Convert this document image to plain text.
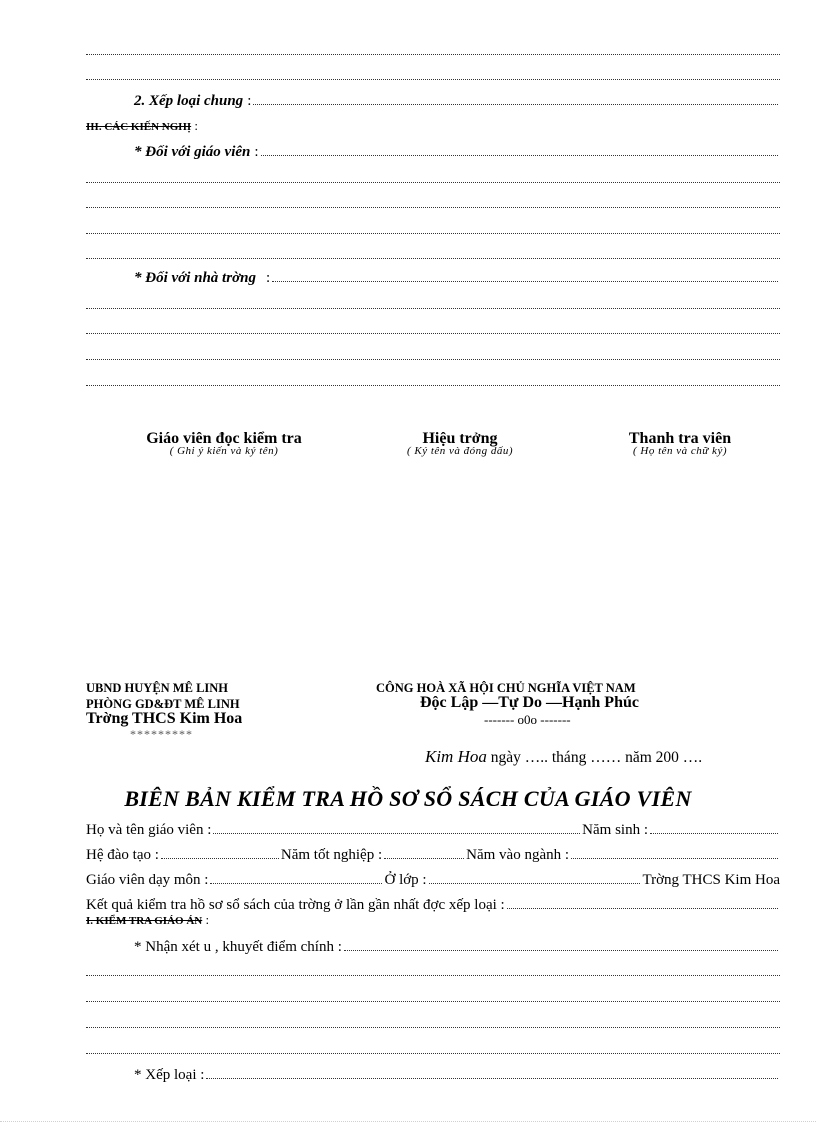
2. Xếp loại chung :
III. CÁC KIẾN NGHỊ :
* Đối với giáo viên :
* Đối với nhà trờng :
Giáo viên đọc kiểm tra
( Ghi ý kiến và ký tên)
Hiệu trởng
( Ký tên và đóng dấu)
Thanh tra viên
( Họ tên và chữ ký)
UBND HUYỆN MÊ LINH
PHÒNG GD&ĐT MÊ LINH
Trờng THCS Kim Hoa
*********
CÔNG HOÀ XÃ HỘI CHỦ NGHĨA VIỆT NAM
Độc Lập —Tự Do —Hạnh Phúc
------- o0o -------
Kim Hoa ngày ….. tháng …… năm 200 ….
BIÊN BẢN KIỂM TRA HỒ SƠ SỔ SÁCH CỦA GIÁO VIÊN
Họ và tên giáo viên :	Năm sinh :
Hệ đào tạo :	Năm tốt nghiệp :	Năm vào ngành :
Giáo viên dạy môn :	Ở lớp :	Trờng THCS Kim Hoa
Kết quả kiểm tra hồ sơ sổ sách của trờng ở lần gần nhất đợc xếp loại :
I. KIỂM TRA GIÁO ÁN :
* Nhận xét u , khuyết điểm chính :
* Xếp loại :
